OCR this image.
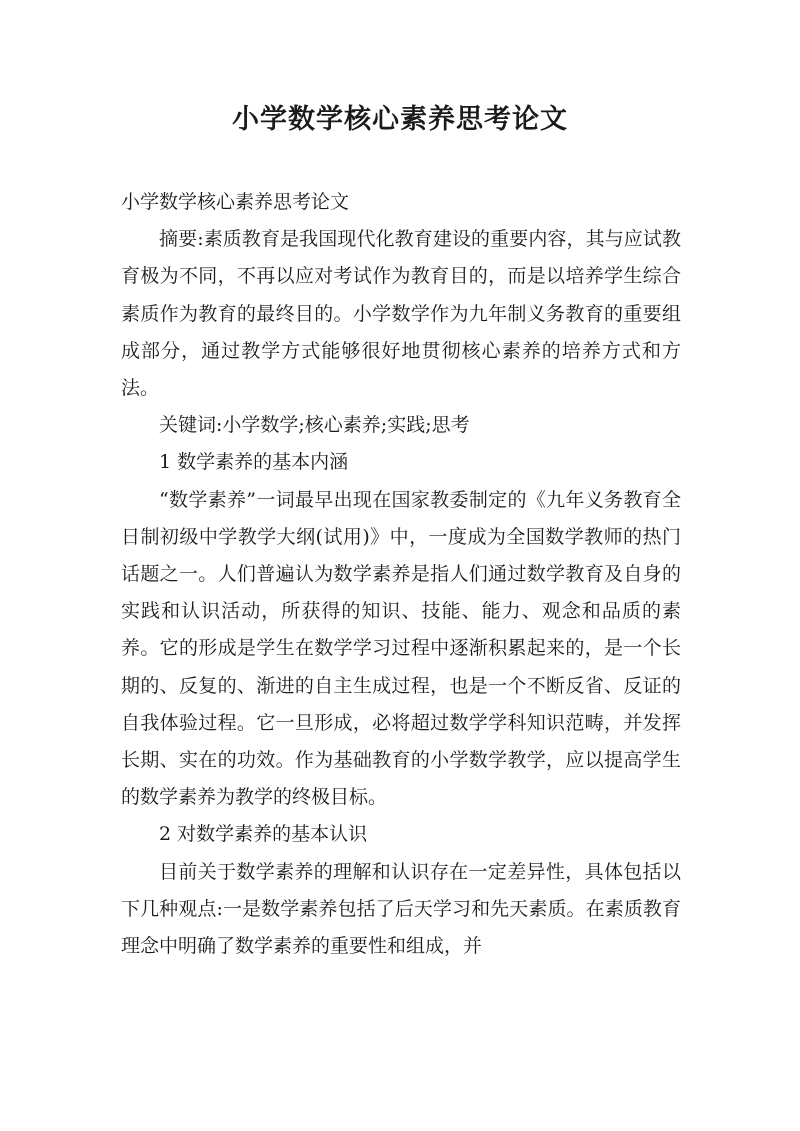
小学数学核心素养思考论文

小学数学核心素养思考论文

摘要:素质教育是我国现代化教育建设的重要内容，其与应试教育极为不同，不再以应对考试作为教育目的，而是以培养学生综合素质作为教育的最终目的。小学数学作为九年制义务教育的重要组成部分，通过教学方式能够很好地贯彻核心素养的培养方式和方法。

关键词:小学数学;核心素养;实践;思考

1 数学素养的基本内涵

“数学素养”一词最早出现在国家教委制定的《九年义务教育全日制初级中学教学大纲(试用)》中，一度成为全国数学教师的热门话题之一。人们普遍认为数学素养是指人们通过数学教育及自身的实践和认识活动，所获得的知识、技能、能力、观念和品质的素养。它的形成是学生在数学学习过程中逐渐积累起来的，是一个长期的、反复的、渐进的自主生成过程，也是一个不断反省、反证的自我体验过程。它一旦形成，必将超过数学学科知识范畴，并发挥长期、实在的功效。作为基础教育的小学数学教学，应以提高学生的数学素养为教学的终极目标。

2 对数学素养的基本认识

目前关于数学素养的理解和认识存在一定差异性，具体包括以下几种观点:一是数学素养包括了后天学习和先天素质。在素质教育理念中明确了数学素养的重要性和组成，并
